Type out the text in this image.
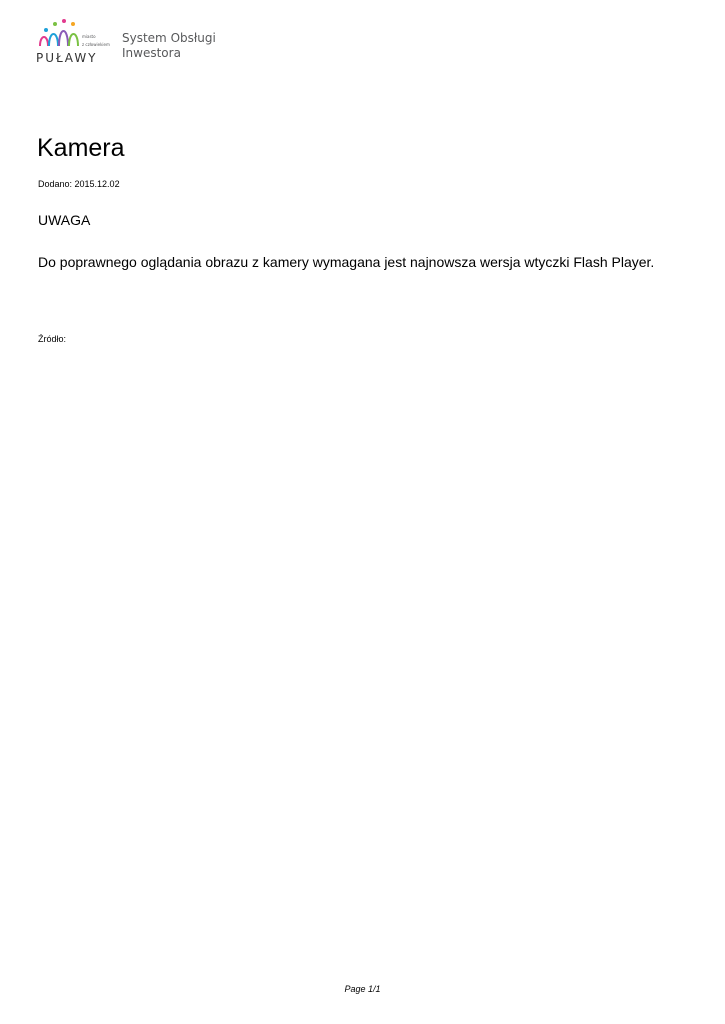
miasto
z człowiekiem
PUŁAWY
System Obsługi
Inwestora
Kamera
Dodano: 2015.12.02
UWAGA
Do poprawnego oglądania obrazu z kamery wymagana jest najnowsza wersja wtyczki Flash Player.
Źródło:
Page 1/1
